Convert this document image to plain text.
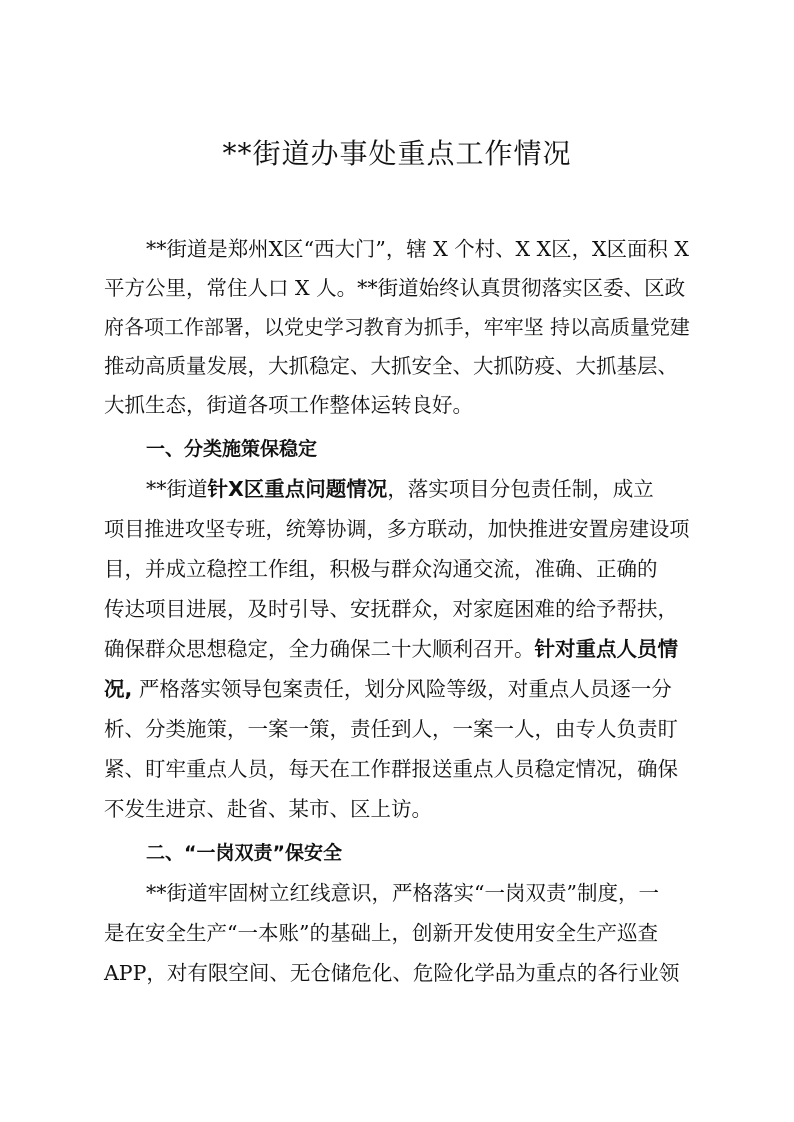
**街道办事处重点工作情况
**街道是郑州X区“西大门”，辖 X 个村、X X区，X区面积 X
平方公里，常住人口 X 人。**街道始终认真贯彻落实区委、区政
府各项工作部署，以党史学习教育为抓手，牢牢坚 持以高质量党建
推动高质量发展，大抓稳定、大抓安全、大抓防疫、大抓基层、
大抓生态，街道各项工作整体运转良好。
一、分类施策保稳定
**街道针X区重点问题情况，落实项目分包责任制，成立
项目推进攻坚专班，统筹协调，多方联动，加快推进安置房建设项
目，并成立稳控工作组，积极与群众沟通交流，准确、正确的
传达项目进展，及时引导、安抚群众，对家庭困难的给予帮扶，
确保群众思想稳定，全力确保二十大顺利召开。针对重点人员情
况, 严格落实领导包案责任，划分风险等级，对重点人员逐一分
析、分类施策，一案一策，责任到人，一案一人，由专人负责盯
紧、盯牢重点人员，每天在工作群报送重点人员稳定情况，确保
不发生进京、赴省、某市、区上访。
二、“一岗双责”保安全
**街道牢固树立红线意识，严格落实“一岗双责”制度，一
是在安全生产“一本账”的基础上，创新开发使用安全生产巡查
APP，对有限空间、无仓储危化、危险化学品为重点的各行业领
